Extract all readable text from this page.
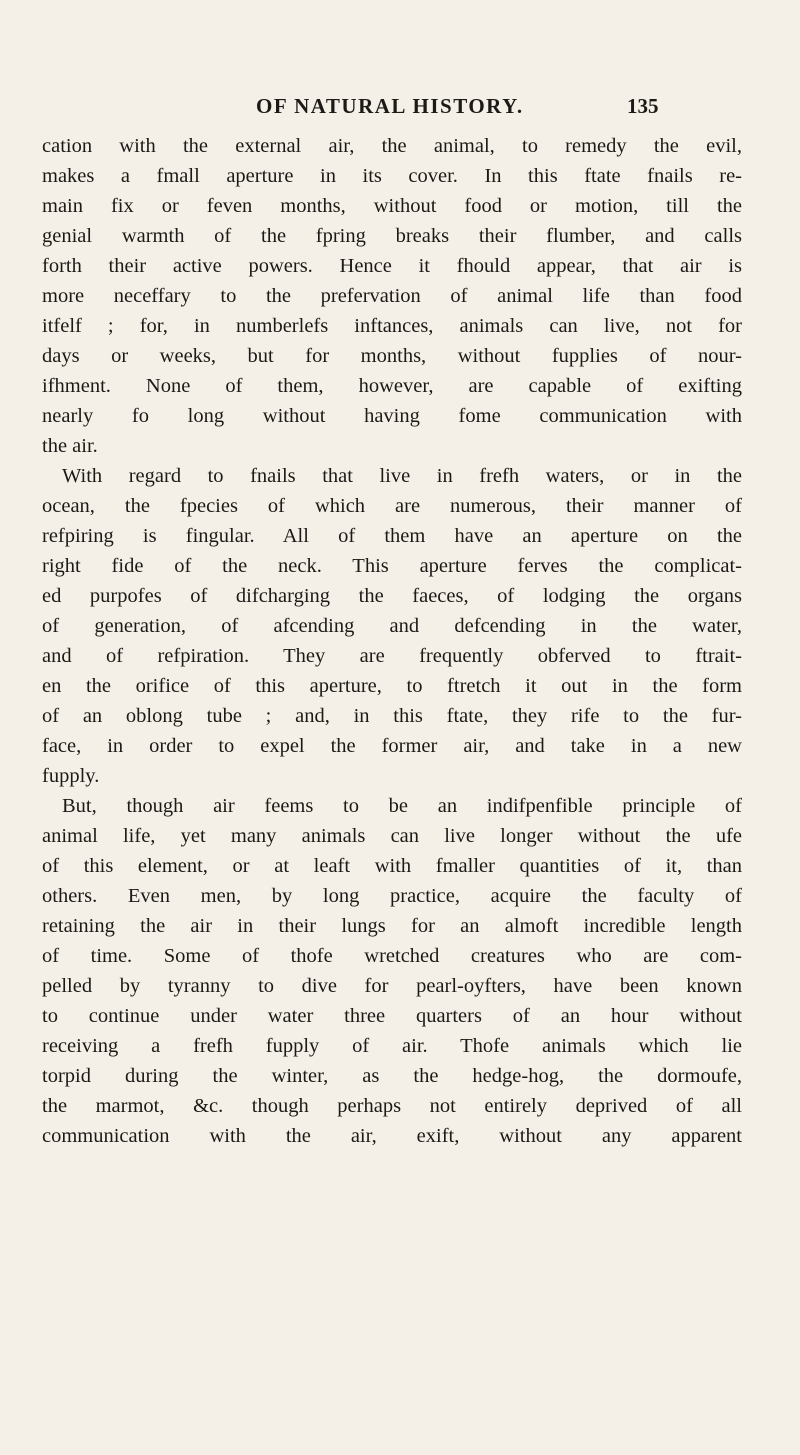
OF NATURAL HISTORY.	135
cation with the external air, the animal, to remedy the evil,
makes a fmall aperture in its cover. In this ftate fnails re-
main fix or feven months, without food or motion, till the
genial warmth of the fpring breaks their flumber, and calls
forth their active powers. Hence it fhould appear, that air is
more neceffary to the prefervation of animal life than food
itfelf ; for, in numberlefs inftances, animals can live, not for
days or weeks, but for months, without fupplies of nour-
ifhment. None of them, however, are capable of exifting
nearly fo long without having fome communication with
the air.
With regard to fnails that live in frefh waters, or in the
ocean, the fpecies of which are numerous, their manner of
refpiring is fingular. All of them have an aperture on the
right fide of the neck. This aperture ferves the complicat-
ed purpofes of difcharging the faeces, of lodging the organs
of generation, of afcending and defcending in the water,
and of refpiration. They are frequently obferved to ftrait-
en the orifice of this aperture, to ftretch it out in the form
of an oblong tube ; and, in this ftate, they rife to the fur-
face, in order to expel the former air, and take in a new
fupply.
But, though air feems to be an indifpenfible principle of
animal life, yet many animals can live longer without the ufe
of this element, or at leaft with fmaller quantities of it, than
others. Even men, by long practice, acquire the faculty of
retaining the air in their lungs for an almoft incredible length
of time. Some of thofe wretched creatures who are com-
pelled by tyranny to dive for pearl-oyfters, have been known
to continue under water three quarters of an hour without
receiving a frefh fupply of air. Thofe animals which lie
torpid during the winter, as the hedge-hog, the dormoufe,
the marmot, &c. though perhaps not entirely deprived of all
communication with the air, exift, without any apparent
